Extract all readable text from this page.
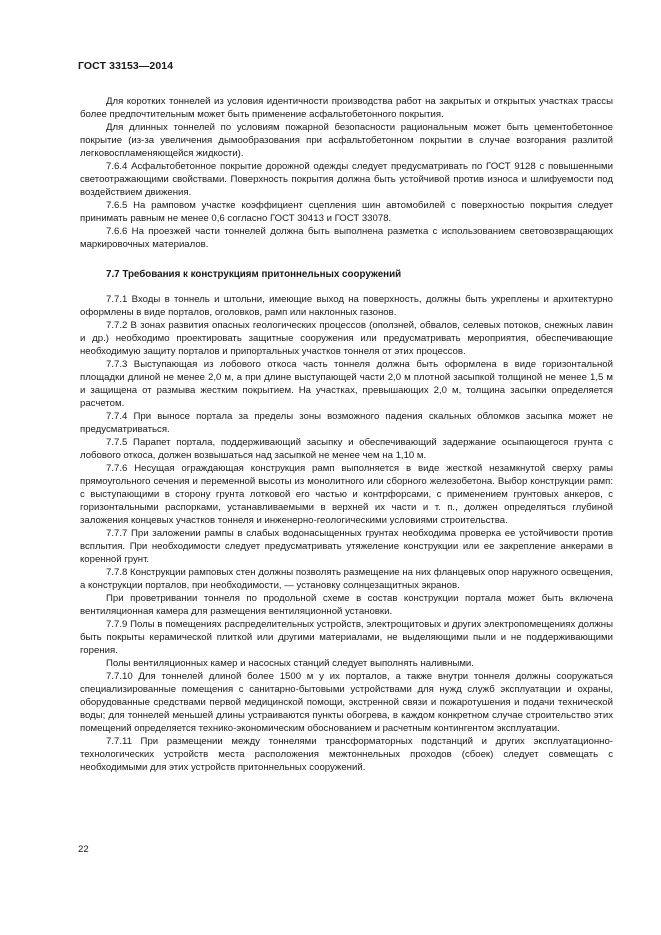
ГОСТ 33153—2014

Для коротких тоннелей из условия идентичности производства работ на закрытых и открытых участках трассы более предпочтительным может быть применение асфальтобетонного покрытия.

Для длинных тоннелей по условиям пожарной безопасности рациональным может быть цементобетонное покрытие (из-за увеличения дымообразования при асфальтобетонном покрытии в случае возгорания разлитой легковоспламеняющейся жидкости).

7.6.4 Асфальтобетонное покрытие дорожной одежды следует предусматривать по ГОСТ 9128 с повышенными светоотражающими свойствами. Поверхность покрытия должна быть устойчивой против износа и шлифуемости под воздействием движения.

7.6.5 На рамповом участке коэффициент сцепления шин автомобилей с поверхностью покрытия следует принимать равным не менее 0,6 согласно ГОСТ 30413 и ГОСТ 33078.

7.6.6 На проезжей части тоннелей должна быть выполнена разметка с использованием световозвращающих маркировочных материалов.

7.7 Требования к конструкциям притоннельных сооружений

7.7.1 Входы в тоннель и штольни, имеющие выход на поверхность, должны быть укреплены и архитектурно оформлены в виде порталов, оголовков, рамп или наклонных газонов.

7.7.2 В зонах развития опасных геологических процессов (оползней, обвалов, селевых потоков, снежных лавин и др.) необходимо проектировать защитные сооружения или предусматривать мероприятия, обеспечивающие необходимую защиту порталов и припортальных участков тоннеля от этих процессов.

7.7.3 Выступающая из лобового откоса часть тоннеля должна быть оформлена в виде горизонтальной площадки длиной не менее 2,0 м, а при длине выступающей части 2,0 м плотной засыпкой толщиной не менее 1,5 м и защищена от размыва жестким покрытием. На участках, превышающих 2,0 м, толщина засыпки определяется расчетом.

7.7.4 При выносе портала за пределы зоны возможного падения скальных обломков засыпка может не предусматриваться.

7.7.5 Парапет портала, поддерживающий засыпку и обеспечивающий задержание осыпающегося грунта с лобового откоса, должен возвышаться над засыпкой не менее чем на 1,10 м.

7.7.6 Несущая ограждающая конструкция рамп выполняется в виде жесткой незамкнутой сверху рамы прямоугольного сечения и переменной высоты из монолитного или сборного железобетона. Выбор конструкции рамп: с выступающими в сторону грунта лотковой его частью и контрфорсами, с применением грунтовых анкеров, с горизонтальными распорками, устанавливаемыми в верхней их части и т. п., должен определяться глубиной заложения концевых участков тоннеля и инженерно-геологическими условиями строительства.

7.7.7 При заложении рампы в слабых водонасыщенных грунтах необходима проверка ее устойчивости против всплытия. При необходимости следует предусматривать утяжеление конструкции или ее закрепление анкерами в коренной грунт.

7.7.8 Конструкции рамповых стен должны позволять размещение на них фланцевых опор наружного освещения, а конструкции порталов, при необходимости, — установку солнцезащитных экранов.

При проветривании тоннеля по продольной схеме в состав конструкции портала может быть включена вентиляционная камера для размещения вентиляционной установки.

7.7.9 Полы в помещениях распределительных устройств, электрощитовых и других электропомещениях должны быть покрыты керамической плиткой или другими материалами, не выделяющими пыли и не поддерживающими горения.

Полы вентиляционных камер и насосных станций следует выполнять наливными.

7.7.10 Для тоннелей длиной более 1500 м у их порталов, а также внутри тоннеля должны сооружаться специализированные помещения с санитарно-бытовыми устройствами для нужд служб эксплуатации и охраны, оборудованные средствами первой медицинской помощи, экстренной связи и пожаротушения и подачи технической воды; для тоннелей меньшей длины устраиваются пункты обогрева, в каждом конкретном случае строительство этих помещений определяется технико-экономическим обоснованием и расчетным контингентом эксплуатации.

7.7.11 При размещении между тоннелями трансформаторных подстанций и других эксплуатационно-технологических устройств места расположения межтоннельных проходов (сбоек) следует совмещать с необходимыми для этих устройств притоннельных сооружений.

22
